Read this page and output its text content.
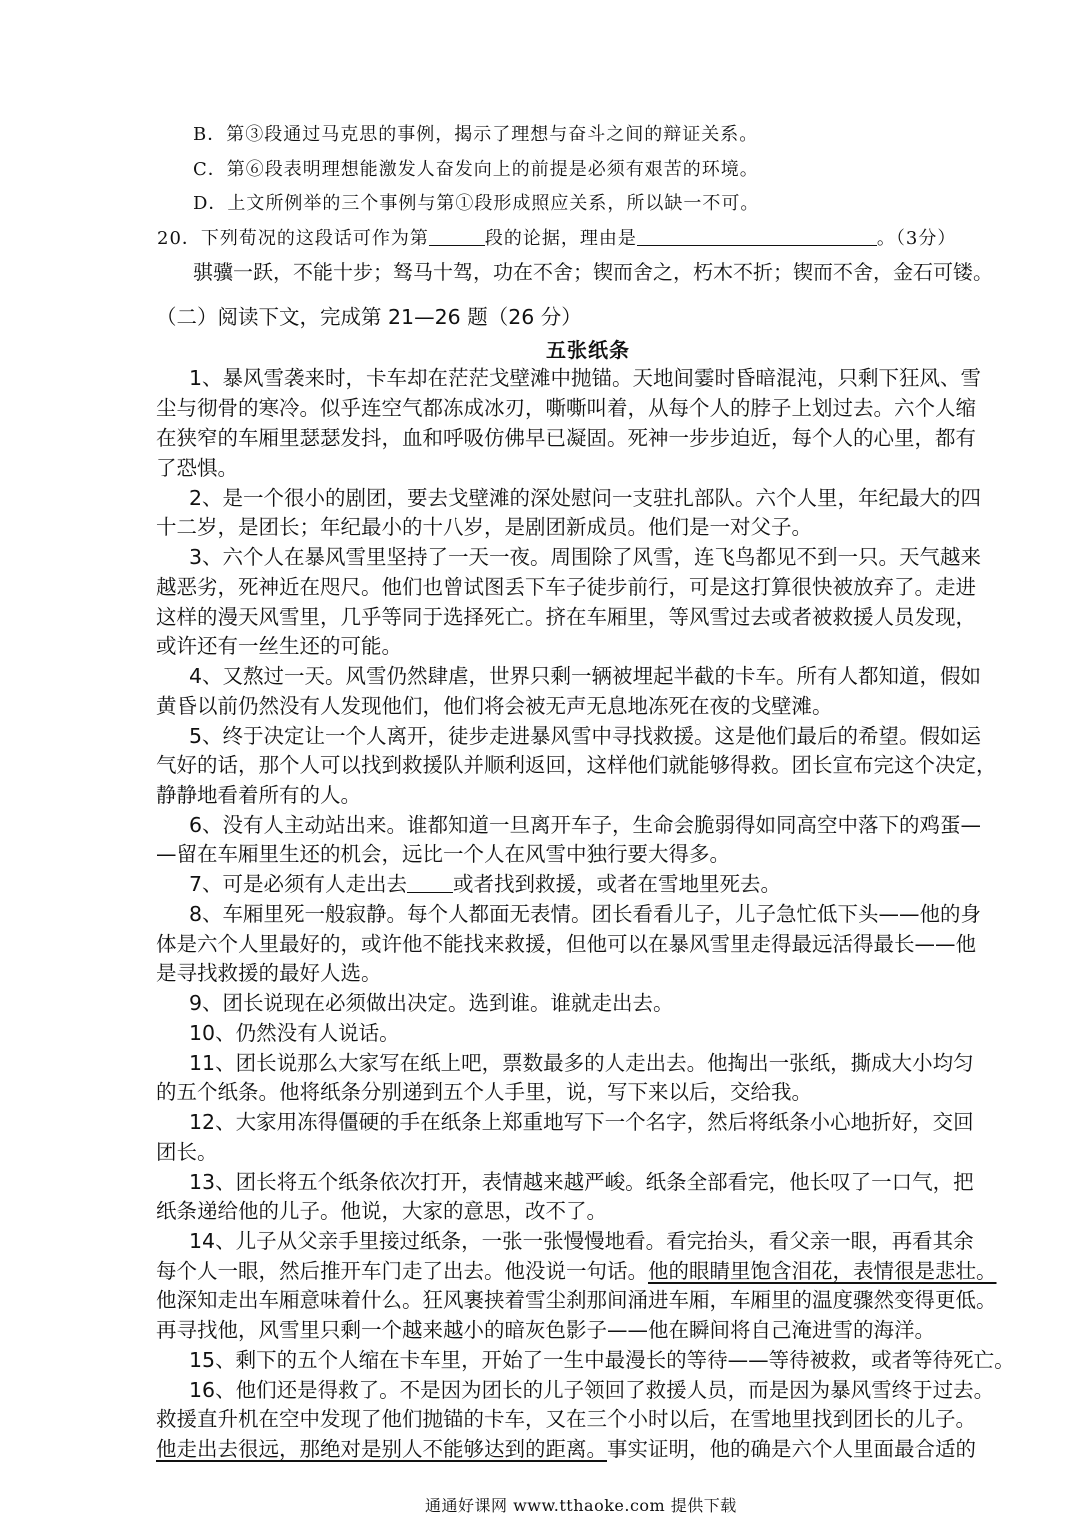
B．第③段通过马克思的事例，揭示了理想与奋斗之间的辩证关系。
C．第⑥段表明理想能激发人奋发向上的前提是必须有艰苦的环境。
D．上文所例举的三个事例与第①段形成照应关系，所以缺一不可。
20．下列荀况的这段话可作为第	段的论据，理由是	。（3分）
骐骥一跃，不能十步；驽马十驾，功在不舍；锲而舍之，朽木不折；锲而不舍，金石可镂。
（二）阅读下文，完成第 21—26 题（26 分）
五张纸条
1、暴风雪袭来时，卡车却在茫茫戈壁滩中抛锚。天地间霎时昏暗混沌，只剩下狂风、雪
尘与彻骨的寒冷。似乎连空气都冻成冰刃，嘶嘶叫着，从每个人的脖子上划过去。六个人缩
在狭窄的车厢里瑟瑟发抖，血和呼吸仿佛早已凝固。死神一步步迫近，每个人的心里，都有
了恐惧。
2、是一个很小的剧团，要去戈壁滩的深处慰问一支驻扎部队。六个人里，年纪最大的四
十二岁，是团长；年纪最小的十八岁，是剧团新成员。他们是一对父子。
3、六个人在暴风雪里坚持了一天一夜。周围除了风雪，连飞鸟都见不到一只。天气越来
越恶劣，死神近在咫尺。他们也曾试图丢下车子徒步前行，可是这打算很快被放弃了。走进
这样的漫天风雪里，几乎等同于选择死亡。挤在车厢里，等风雪过去或者被救援人员发现，
或许还有一丝生还的可能。
4、又熬过一天。风雪仍然肆虐，世界只剩一辆被埋起半截的卡车。所有人都知道，假如
黄昏以前仍然没有人发现他们，他们将会被无声无息地冻死在夜的戈壁滩。
5、终于决定让一个人离开，徒步走进暴风雪中寻找救援。这是他们最后的希望。假如运
气好的话，那个人可以找到救援队并顺利返回，这样他们就能够得救。团长宣布完这个决定，
静静地看着所有的人。
6、没有人主动站出来。谁都知道一旦离开车子，生命会脆弱得如同高空中落下的鸡蛋—
—留在车厢里生还的机会，远比一个人在风雪中独行要大得多。
7、可是必须有人走出去 或者找到救援，或者在雪地里死去。
8、车厢里死一般寂静。每个人都面无表情。团长看看儿子，儿子急忙低下头——他的身
体是六个人里最好的，或许他不能找来救援，但他可以在暴风雪里走得最远活得最长——他
是寻找救援的最好人选。
9、团长说现在必须做出决定。选到谁。谁就走出去。
10、仍然没有人说话。
11、团长说那么大家写在纸上吧，票数最多的人走出去。他掏出一张纸，撕成大小均匀
的五个纸条。他将纸条分别递到五个人手里，说，写下来以后，交给我。
12、大家用冻得僵硬的手在纸条上郑重地写下一个名字，然后将纸条小心地折好，交回
团长。
13、团长将五个纸条依次打开，表情越来越严峻。纸条全部看完，他长叹了一口气，把
纸条递给他的儿子。他说，大家的意思，改不了。
14、儿子从父亲手里接过纸条，一张一张慢慢地看。看完抬头，看父亲一眼，再看其余
每个人一眼，然后推开车门走了出去。他没说一句话。他的眼睛里饱含泪花，表情很是悲壮。
他深知走出车厢意味着什么。狂风裹挟着雪尘刹那间涌进车厢，车厢里的温度骤然变得更低。
再寻找他，风雪里只剩一个越来越小的暗灰色影子——他在瞬间将自己淹进雪的海洋。
15、剩下的五个人缩在卡车里，开始了一生中最漫长的等待——等待被救，或者等待死亡。
16、他们还是得救了。不是因为团长的儿子领回了救援人员，而是因为暴风雪终于过去。
救援直升机在空中发现了他们抛锚的卡车，又在三个小时以后，在雪地里找到团长的儿子。
他走出去很远，那绝对是别人不能够达到的距离。事实证明，他的确是六个人里面最合适的
通通好课网 www.tthaoke.com 提供下载
